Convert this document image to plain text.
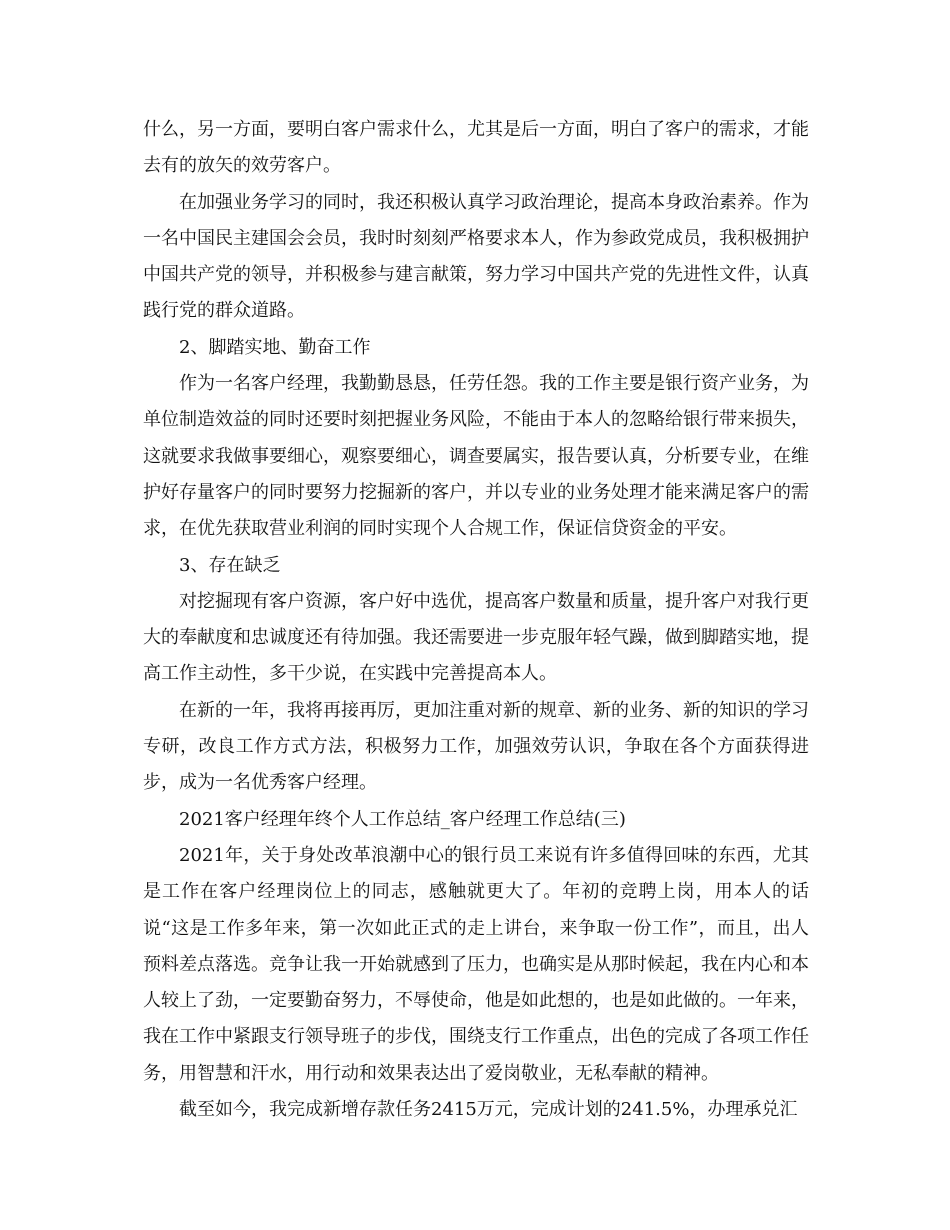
什么，另一方面，要明白客户需求什么，尤其是后一方面，明白了客户的需求，才能去有的放矢的效劳客户。

在加强业务学习的同时，我还积极认真学习政治理论，提高本身政治素养。作为一名中国民主建国会会员，我时时刻刻严格要求本人，作为参政党成员，我积极拥护中国共产党的领导，并积极参与建言献策，努力学习中国共产党的先进性文件，认真践行党的群众道路。

2、脚踏实地、勤奋工作

作为一名客户经理，我勤勤恳恳，任劳任怨。我的工作主要是银行资产业务，为单位制造效益的同时还要时刻把握业务风险，不能由于本人的忽略给银行带来损失，这就要求我做事要细心，观察要细心，调查要属实，报告要认真，分析要专业，在维护好存量客户的同时要努力挖掘新的客户，并以专业的业务处理才能来满足客户的需求，在优先获取营业利润的同时实现个人合规工作，保证信贷资金的平安。

3、存在缺乏

对挖掘现有客户资源，客户好中选优，提高客户数量和质量，提升客户对我行更大的奉献度和忠诚度还有待加强。我还需要进一步克服年轻气躁，做到脚踏实地，提高工作主动性，多干少说，在实践中完善提高本人。

在新的一年，我将再接再厉，更加注重对新的规章、新的业务、新的知识的学习专研，改良工作方式方法，积极努力工作，加强效劳认识，争取在各个方面获得进步，成为一名优秀客户经理。

2021客户经理年终个人工作总结_客户经理工作总结(三)

2021年，关于身处改革浪潮中心的银行员工来说有许多值得回味的东西，尤其是工作在客户经理岗位上的同志，感触就更大了。年初的竞聘上岗，用本人的话说“这是工作多年来，第一次如此正式的走上讲台，来争取一份工作”，而且，出人预料差点落选。竞争让我一开始就感到了压力，也确实是从那时候起，我在内心和本人较上了劲，一定要勤奋努力，不辱使命，他是如此想的，也是如此做的。一年来，我在工作中紧跟支行领导班子的步伐，围绕支行工作重点，出色的完成了各项工作任务，用智慧和汗水，用行动和效果表达出了爱岗敬业，无私奉献的精神。

截至如今，我完成新增存款任务2415万元，完成计划的241.5%，办理承兑汇
